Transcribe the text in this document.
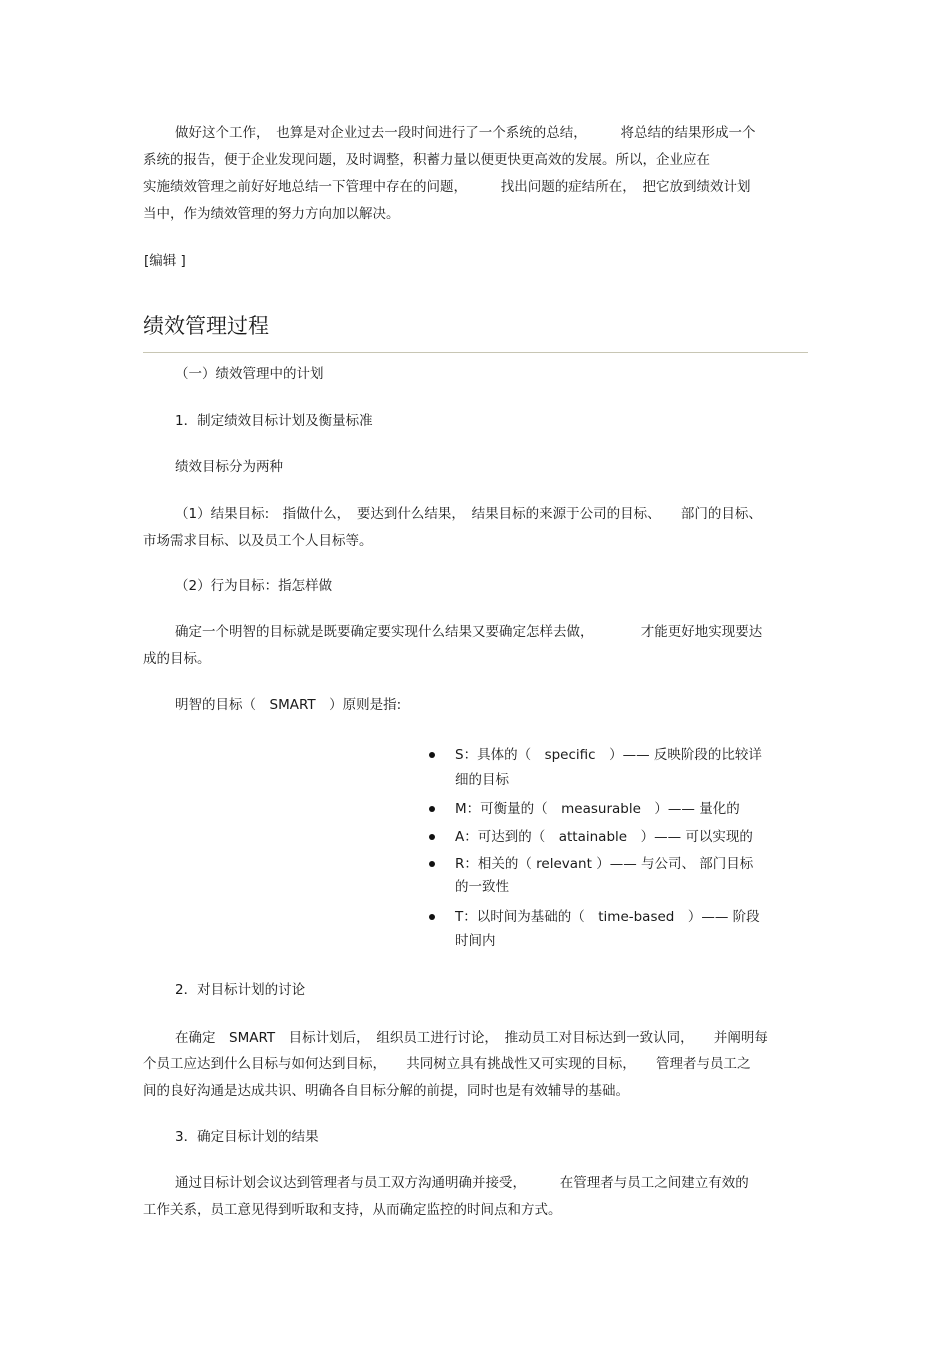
做好这个工作，　也算是对企业过去一段时间进行了一个系统的总结，　　　将总结的结果形成一个

系统的报告，便于企业发现问题，及时调整，积蓄力量以便更快更高效的发展。所以，企业应在

实施绩效管理之前好好地总结一下管理中存在的问题，　　　找出问题的症结所在，　把它放到绩效计划

当中，作为绩效管理的努力方向加以解决。

[编辑 ]
绩效管理过程

（一）绩效管理中的计划

1．制定绩效目标计划及衡量标准

绩效目标分为两种

（1）结果目标:　指做什么，　要达到什么结果，　结果目标的来源于公司的目标、　　部门的目标、

市场需求目标、以及员工个人目标等。

（2）行为目标：指怎样做

确定一个明智的目标就是既要确定要实现什么结果又要确定怎样去做，　　　　才能更好地实现要达

成的目标。

明智的目标（　SMART　）原则是指:

S：具体的（　specific　）—— 反映阶段的比较详

细的目标

M：可衡量的（　measurable　）—— 量化的

A：可达到的（　attainable　）—— 可以实现的

R：相关的（ relevant ）—— 与公司、 部门目标

的一致性

T：以时间为基础的（　time-based　）—— 阶段

时间内

2．对目标计划的讨论

在确定　SMART　目标计划后，　组织员工进行讨论，　推动员工对目标达到一致认同，　　并阐明每

个员工应达到什么目标与如何达到目标，　　共同树立具有挑战性又可实现的目标，　　管理者与员工之

间的良好沟通是达成共识、明确各自目标分解的前提，同时也是有效辅导的基础。

3．确定目标计划的结果

通过目标计划会议达到管理者与员工双方沟通明确并接受，　　　在管理者与员工之间建立有效的

工作关系，员工意见得到听取和支持，从而确定监控的时间点和方式。
